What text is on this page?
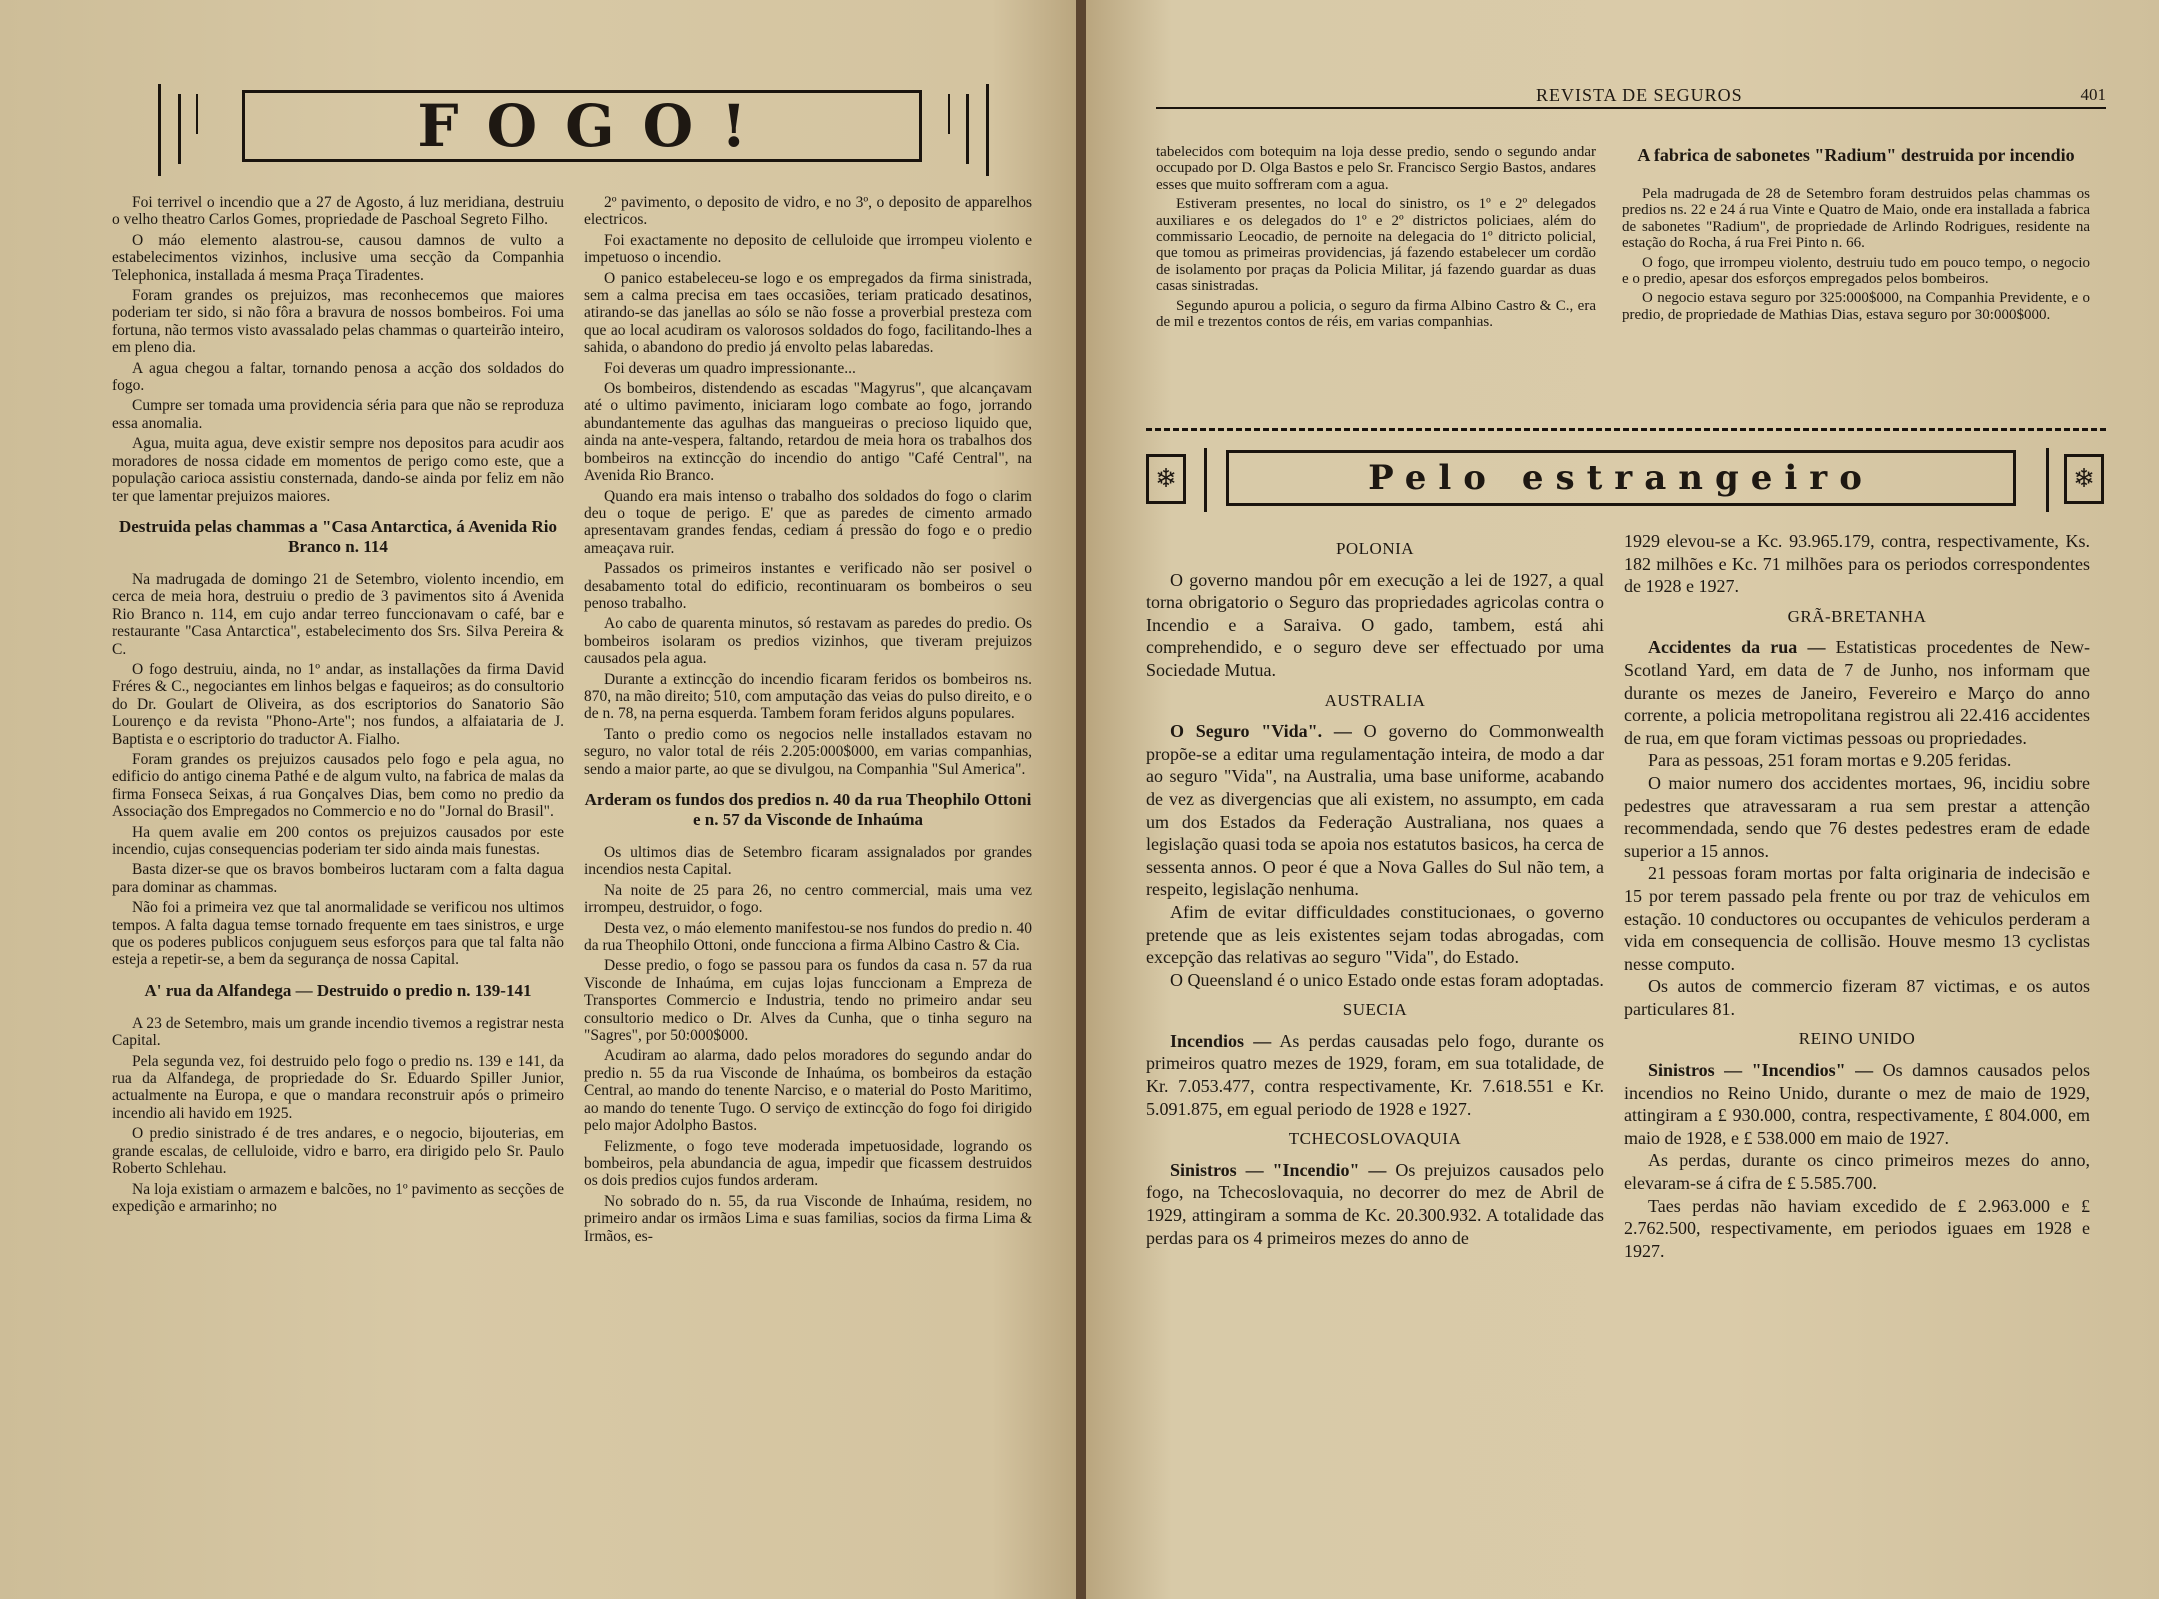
FOGO!

Foi terrivel o incendio que a 27 de Agosto, á luz meridiana, destruiu o velho theatro Carlos Gomes, propriedade de Paschoal Segreto Filho.

O máo elemento alastrou-se, causou damnos de vulto a estabelecimentos vizinhos, inclusive uma secção da Companhia Telephonica, installada á mesma Praça Tiradentes.

Foram grandes os prejuizos, mas reconhecemos que maiores poderiam ter sido, si não fôra a bravura de nossos bombeiros. Foi uma fortuna, não termos visto avassalado pelas chammas o quarteirão inteiro, em pleno dia.

A agua chegou a faltar, tornando penosa a acção dos soldados do fogo.

Cumpre ser tomada uma providencia séria para que não se reproduza essa anomalia.

Agua, muita agua, deve existir sempre nos depositos para acudir aos moradores de nossa cidade em momentos de perigo como este, que a população carioca assistiu consternada, dando-se ainda por feliz em não ter que lamentar prejuizos maiores.

Destruida pelas chammas a "Casa Antarctica, á Avenida Rio Branco n. 114

Na madrugada de domingo 21 de Setembro, violento incendio, em cerca de meia hora, destruiu o predio de 3 pavimentos sito á Avenida Rio Branco n. 114, em cujo andar terreo funccionavam o café, bar e restaurante "Casa Antarctica", estabelecimento dos Srs. Silva Pereira & C.

O fogo destruiu, ainda, no 1º andar, as installações da firma David Fréres & C., negociantes em linhos belgas e faqueiros; as do consultorio do Dr. Goulart de Oliveira, as dos escriptorios do Sanatorio São Lourenço e da revista "Phono-Arte"; nos fundos, a alfaiataria de J. Baptista e o escriptorio do traductor A. Fialho.

Foram grandes os prejuizos causados pelo fogo e pela agua, no edificio do antigo cinema Pathé e de algum vulto, na fabrica de malas da firma Fonseca Seixas, á rua Gonçalves Dias, bem como no predio da Associação dos Empregados no Commercio e no do "Jornal do Brasil".

Ha quem avalie em 200 contos os prejuizos causados por este incendio, cujas consequencias poderiam ter sido ainda mais funestas.

Basta dizer-se que os bravos bombeiros luctaram com a falta dagua para dominar as chammas.

Não foi a primeira vez que tal anormalidade se verificou nos ultimos tempos. A falta dagua temse tornado frequente em taes sinistros, e urge que os poderes publicos conjuguem seus esforços para que tal falta não esteja a repetir-se, a bem da segurança de nossa Capital.

A' rua da Alfandega — Destruido o predio n. 139-141

A 23 de Setembro, mais um grande incendio tivemos a registrar nesta Capital.

Pela segunda vez, foi destruido pelo fogo o predio ns. 139 e 141, da rua da Alfandega, de propriedade do Sr. Eduardo Spiller Junior, actualmente na Europa, e que o mandara reconstruir após o primeiro incendio ali havido em 1925.

O predio sinistrado é de tres andares, e o negocio, bijouterias, em grande escalas, de celluloide, vidro e barro, era dirigido pelo Sr. Paulo Roberto Schlehau.

Na loja existiam o armazem e balcões, no 1º pavimento as secções de expedição e armarinho; no

2º pavimento, o deposito de vidro, e no 3º, o deposito de apparelhos electricos.

Foi exactamente no deposito de celluloide que irrompeu violento e impetuoso o incendio.

O panico estabeleceu-se logo e os empregados da firma sinistrada, sem a calma precisa em taes occasiões, teriam praticado desatinos, atirando-se das janellas ao sólo se não fosse a proverbial presteza com que ao local acudiram os valorosos soldados do fogo, facilitando-lhes a sahida, o abandono do predio já envolto pelas labaredas.

Foi deveras um quadro impressionante...

Os bombeiros, distendendo as escadas "Magyrus", que alcançavam até o ultimo pavimento, iniciaram logo combate ao fogo, jorrando abundantemente das agulhas das mangueiras o precioso liquido que, ainda na ante-vespera, faltando, retardou de meia hora os trabalhos dos bombeiros na extincção do incendio do antigo "Café Central", na Avenida Rio Branco.

Quando era mais intenso o trabalho dos soldados do fogo o clarim deu o toque de perigo. E' que as paredes de cimento armado apresentavam grandes fendas, cediam á pressão do fogo e o predio ameaçava ruir.

Passados os primeiros instantes e verificado não ser posivel o desabamento total do edificio, recontinuaram os bombeiros o seu penoso trabalho.

Ao cabo de quarenta minutos, só restavam as paredes do predio. Os bombeiros isolaram os predios vizinhos, que tiveram prejuizos causados pela agua.

Durante a extincção do incendio ficaram feridos os bombeiros ns. 870, na mão direito; 510, com amputação das veias do pulso direito, e o de n. 78, na perna esquerda. Tambem foram feridos alguns populares.

Tanto o predio como os negocios nelle installados estavam no seguro, no valor total de réis 2.205:000$000, em varias companhias, sendo a maior parte, ao que se divulgou, na Companhia "Sul America".

Arderam os fundos dos predios n. 40 da rua Theophilo Ottoni e n. 57 da Visconde de Inhaúma

Os ultimos dias de Setembro ficaram assignalados por grandes incendios nesta Capital.

Na noite de 25 para 26, no centro commercial, mais uma vez irrompeu, destruidor, o fogo.

Desta vez, o máo elemento manifestou-se nos fundos do predio n. 40 da rua Theophilo Ottoni, onde funcciona a firma Albino Castro & Cia.

Desse predio, o fogo se passou para os fundos da casa n. 57 da rua Visconde de Inhaúma, em cujas lojas funccionam a Empreza de Transportes Commercio e Industria, tendo no primeiro andar seu consultorio medico o Dr. Alves da Cunha, que o tinha seguro na "Sagres", por 50:000$000.

Acudiram ao alarma, dado pelos moradores do segundo andar do predio n. 55 da rua Visconde de Inhaúma, os bombeiros da estação Central, ao mando do tenente Narciso, e o material do Posto Maritimo, ao mando do tenente Tugo. O serviço de extincção do fogo foi dirigido pelo major Adolpho Bastos.

Felizmente, o fogo teve moderada impetuosidade, logrando os bombeiros, pela abundancia de agua, impedir que ficassem destruidos os dois predios cujos fundos arderam.

No sobrado do n. 55, da rua Visconde de Inhaúma, residem, no primeiro andar os irmãos Lima e suas familias, socios da firma Lima & Irmãos, es-

REVISTA DE SEGUROS	401

tabelecidos com botequim na loja desse predio, sendo o segundo andar occupado por D. Olga Bastos e pelo Sr. Francisco Sergio Bastos, andares esses que muito soffreram com a agua.

Estiveram presentes, no local do sinistro, os 1º e 2º delegados auxiliares e os delegados do 1º e 2º districtos policiaes, além do commissario Leocadio, de pernoite na delegacia do 1º ditricto policial, que tomou as primeiras providencias, já fazendo estabelecer um cordão de isolamento por praças da Policia Militar, já fazendo guardar as duas casas sinistradas.

Segundo apurou a policia, o seguro da firma Albino Castro & C., era de mil e trezentos contos de réis, em varias companhias.

A fabrica de sabonetes "Radium" destruida por incendio

Pela madrugada de 28 de Setembro foram destruidos pelas chammas os predios ns. 22 e 24 á rua Vinte e Quatro de Maio, onde era installada a fabrica de sabonetes "Radium", de propriedade de Arlindo Rodrigues, residente na estação do Rocha, á rua Frei Pinto n. 66.

O fogo, que irrompeu violento, destruiu tudo em pouco tempo, o negocio e o predio, apesar dos esforços empregados pelos bombeiros.

O negocio estava seguro por 325:000$000, na Companhia Previdente, e o predio, de propriedade de Mathias Dias, estava seguro por 30:000$000.

❄	Pelo estrangeiro	❄
POLONIA

O governo mandou pôr em execução a lei de 1927, a qual torna obrigatorio o Seguro das propriedades agricolas contra o Incendio e a Saraiva. O gado, tambem, está ahi comprehendido, e o seguro deve ser effectuado por uma Sociedade Mutua.

AUSTRALIA

O Seguro "Vida". — O governo do Commonwealth propõe-se a editar uma regulamentação inteira, de modo a dar ao seguro "Vida", na Australia, uma base uniforme, acabando de vez as divergencias que ali existem, no assumpto, em cada um dos Estados da Federação Australiana, nos quaes a legislação quasi toda se apoia nos estatutos basicos, ha cerca de sessenta annos. O peor é que a Nova Galles do Sul não tem, a respeito, legislação nenhuma.

Afim de evitar difficuldades constitucionaes, o governo pretende que as leis existentes sejam todas abrogadas, com excepção das relativas ao seguro "Vida", do Estado.

O Queensland é o unico Estado onde estas foram adoptadas.

SUECIA

Incendios — As perdas causadas pelo fogo, durante os primeiros quatro mezes de 1929, foram, em sua totalidade, de Kr. 7.053.477, contra respectivamente, Kr. 7.618.551 e Kr. 5.091.875, em egual periodo de 1928 e 1927.

TCHECOSLOVAQUIA

Sinistros — "Incendio" — Os prejuizos causados pelo fogo, na Tchecoslovaquia, no decorrer do mez de Abril de 1929, attingiram a somma de Kc. 20.300.932. A totalidade das perdas para os 4 primeiros mezes do anno de

1929 elevou-se a Kc. 93.965.179, contra, respectivamente, Ks. 182 milhões e Kc. 71 milhões para os periodos correspondentes de 1928 e 1927.

GRÃ-BRETANHA

Accidentes da rua — Estatisticas procedentes de New-Scotland Yard, em data de 7 de Junho, nos informam que durante os mezes de Janeiro, Fevereiro e Março do anno corrente, a policia metropolitana registrou ali 22.416 accidentes de rua, em que foram victimas pessoas ou propriedades.

Para as pessoas, 251 foram mortas e 9.205 feridas.

O maior numero dos accidentes mortaes, 96, incidiu sobre pedestres que atravessaram a rua sem prestar a attenção recommendada, sendo que 76 destes pedestres eram de edade superior a 15 annos.

21 pessoas foram mortas por falta originaria de indecisão e 15 por terem passado pela frente ou por traz de vehiculos em estação. 10 conductores ou occupantes de vehiculos perderam a vida em consequencia de collisão. Houve mesmo 13 cyclistas nesse computo.

Os autos de commercio fizeram 87 victimas, e os autos particulares 81.

REINO UNIDO

Sinistros — "Incendios" — Os damnos causados pelos incendios no Reino Unido, durante o mez de maio de 1929, attingiram a £ 930.000, contra, respectivamente, £ 804.000, em maio de 1928, e £ 538.000 em maio de 1927.

As perdas, durante os cinco primeiros mezes do anno, elevaram-se á cifra de £ 5.585.700.

Taes perdas não haviam excedido de £ 2.963.000 e £ 2.762.500, respectivamente, em periodos iguaes em 1928 e 1927.
